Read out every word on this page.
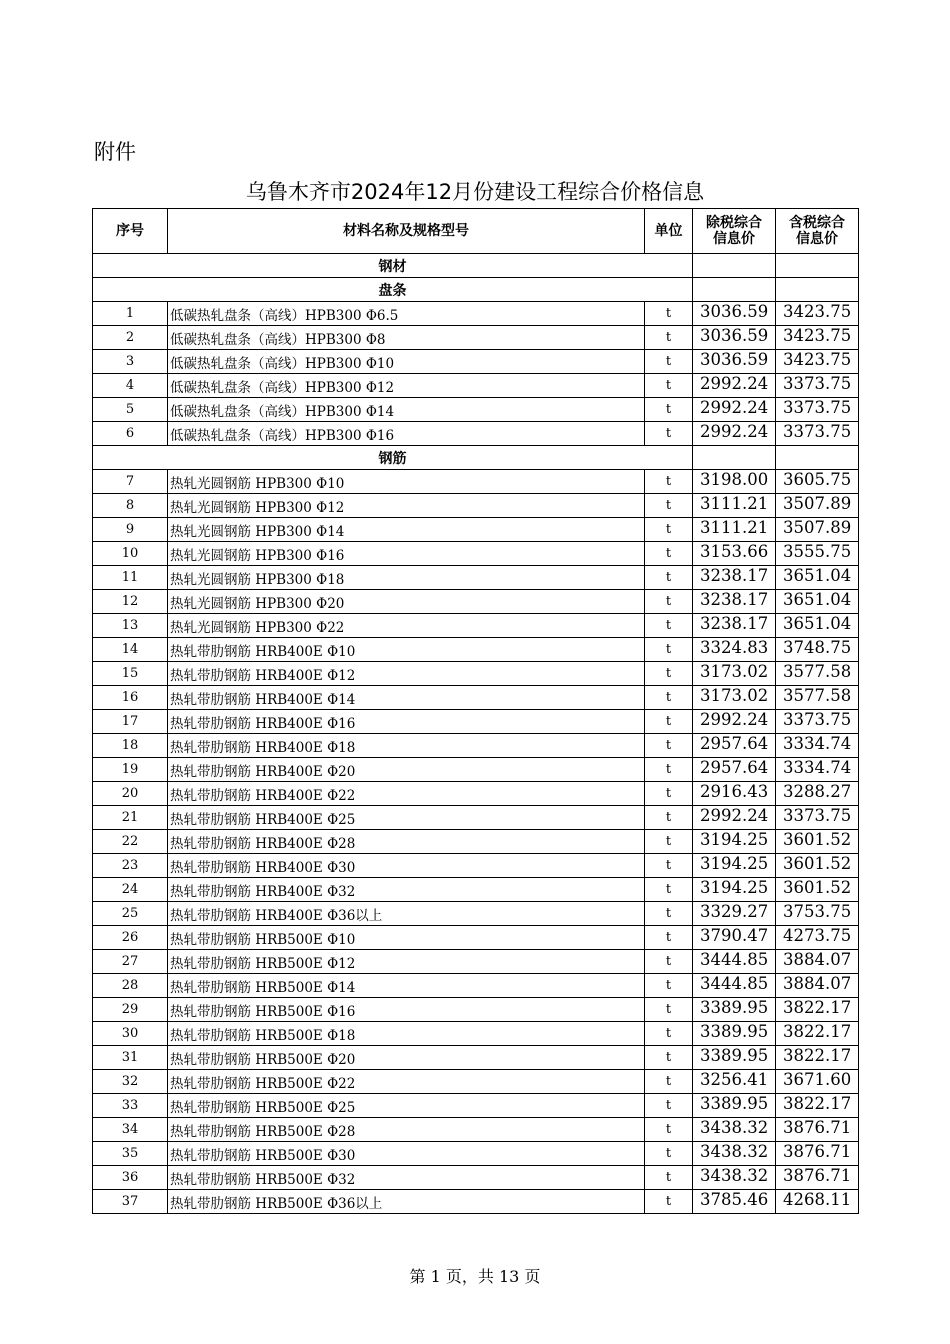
附件
乌鲁木齐市2024年12月份建设工程综合价格信息
序号	材料名称及规格型号	单位	除税综合信息价	含税综合信息价

钢材				
盘条				
1	低碳热轧盘条（高线）HPB300 Φ6.5	t	3036.59	3423.75
2	低碳热轧盘条（高线）HPB300 Φ8	t	3036.59	3423.75
3	低碳热轧盘条（高线）HPB300 Φ10	t	3036.59	3423.75
4	低碳热轧盘条（高线）HPB300 Φ12	t	2992.24	3373.75
5	低碳热轧盘条（高线）HPB300 Φ14	t	2992.24	3373.75
6	低碳热轧盘条（高线）HPB300 Φ16	t	2992.24	3373.75
钢筋				
7	热轧光圆钢筋 HPB300 Φ10	t	3198.00	3605.75
8	热轧光圆钢筋 HPB300 Φ12	t	3111.21	3507.89
9	热轧光圆钢筋 HPB300 Φ14	t	3111.21	3507.89
10	热轧光圆钢筋 HPB300 Φ16	t	3153.66	3555.75
11	热轧光圆钢筋 HPB300 Φ18	t	3238.17	3651.04
12	热轧光圆钢筋 HPB300 Φ20	t	3238.17	3651.04
13	热轧光圆钢筋 HPB300 Φ22	t	3238.17	3651.04
14	热轧带肋钢筋 HRB400E Φ10	t	3324.83	3748.75
15	热轧带肋钢筋 HRB400E Φ12	t	3173.02	3577.58
16	热轧带肋钢筋 HRB400E Φ14	t	3173.02	3577.58
17	热轧带肋钢筋 HRB400E Φ16	t	2992.24	3373.75
18	热轧带肋钢筋 HRB400E Φ18	t	2957.64	3334.74
19	热轧带肋钢筋 HRB400E Φ20	t	2957.64	3334.74
20	热轧带肋钢筋 HRB400E Φ22	t	2916.43	3288.27
21	热轧带肋钢筋 HRB400E Φ25	t	2992.24	3373.75
22	热轧带肋钢筋 HRB400E Φ28	t	3194.25	3601.52
23	热轧带肋钢筋 HRB400E Φ30	t	3194.25	3601.52
24	热轧带肋钢筋 HRB400E Φ32	t	3194.25	3601.52
25	热轧带肋钢筋 HRB400E Φ36以上	t	3329.27	3753.75
26	热轧带肋钢筋 HRB500E Φ10	t	3790.47	4273.75
27	热轧带肋钢筋 HRB500E Φ12	t	3444.85	3884.07
28	热轧带肋钢筋 HRB500E Φ14	t	3444.85	3884.07
29	热轧带肋钢筋 HRB500E Φ16	t	3389.95	3822.17
30	热轧带肋钢筋 HRB500E Φ18	t	3389.95	3822.17
31	热轧带肋钢筋 HRB500E Φ20	t	3389.95	3822.17
32	热轧带肋钢筋 HRB500E Φ22	t	3256.41	3671.60
33	热轧带肋钢筋 HRB500E Φ25	t	3389.95	3822.17
34	热轧带肋钢筋 HRB500E Φ28	t	3438.32	3876.71
35	热轧带肋钢筋 HRB500E Φ30	t	3438.32	3876.71
36	热轧带肋钢筋 HRB500E Φ32	t	3438.32	3876.71
37	热轧带肋钢筋 HRB500E Φ36以上	t	3785.46	4268.11
第 1 页，共 13 页
